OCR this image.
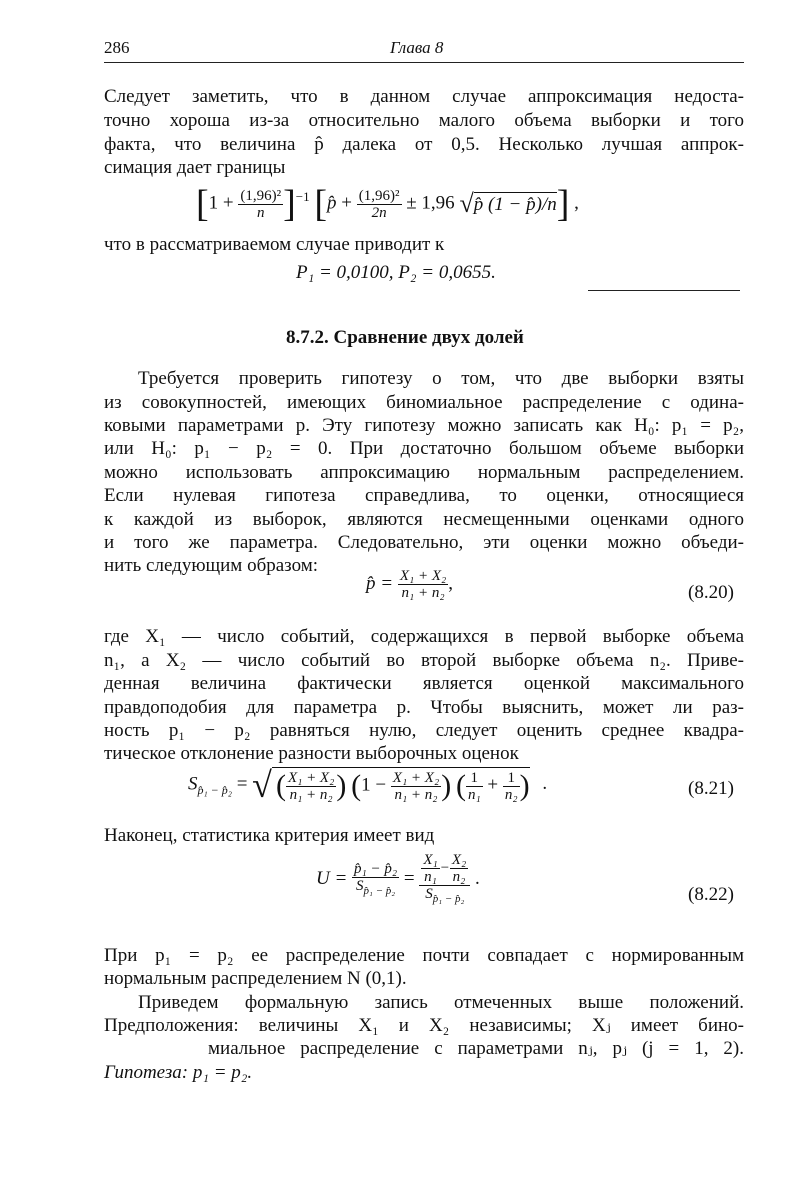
286	Глава 8
Следует заметить, что в данном случае аппроксимация недоста-
точно хороша из-за относительно малого объема выборки и того
факта, что величина p̂ далека от 0,5. Несколько лучшая аппрок-
симация дает границы
$[1 + \frac{\text{(1,96)²}}{n} ]^{-1}$ [p̂ + $\frac{\text{(1,96)²}}{2n} \pm 1,96$ √p̂ (1 − p̂)/n] ,
что в рассматриваемом случае приводит к
P₁ = 0,0100, P₂ = 0,0655.
8.7.2. Сравнение двух долей
Требуется проверить гипотезу о том, что две выборки взяты
из совокупностей, имеющих биномиальное распределение с одина-
ковыми параметрами p. Эту гипотезу можно записать как H₀: p₁ = p₂,
или H₀: p₁ − p₂ = 0. При достаточно большом объеме выборки
можно использовать аппроксимацию нормальным распределением.
Если нулевая гипотеза справедлива, то оценки, относящиеся
к каждой из выборок, являются несмещенными оценками одного
и того же параметра. Следовательно, эти оценки можно объеди-
нить следующим образом:
p̂ = $\frac{\text{X₁ + X₂}}{\text{n₁ + n₂}}$ ,	(8.20)
где X₁ — число событий, содержащихся в первой выборке объема
n₁, а X₂ — число событий во второй выборке объема n₂. Приве-
денная величина фактически является оценкой максимального
правдоподобия для параметра p. Чтобы выяснить, может ли раз-
ность p₁ − p₂ равняться нулю, следует оценить среднее квадра-
тическое отклонение разности выборочных оценок
$S_{p̂_1 - p̂_2}$ = √ ( $\frac{\text{X₁ + X₂}}{\text{n₁ + n₂}}$ ) ($1 - \frac{\text{X₁ + X₂}}{\text{n₁ + n₂}}$ ) ( $\frac{1}{\text{n₁}} + \frac{1}{\text{n₂}}$ ) .	(8.21)
Наконец, статистика критерия имеет вид
$U = \frac{\text{p̂₁ − p̂₂}}{S_{p̂_1 - p̂_2}} = \frac{\frac{\text{X₁}}{\text{n₁}} - \frac{\text{X₂}}{\text{n₂}}}{S_{p̂_1 - p̂_2}}$ .
(8.22)
При p₁ = p₂ ее распределение почти совпадает с нормированным
нормальным распределением N (0,1).
Приведем формальную запись отмеченных выше положений.
Предположения: величины X₁ и X₂ независимы; Xⱼ имеет бино-
миальное распределение с параметрами nⱼ, pⱼ (j = 1, 2).
Гипотеза: p₁ = p₂.
